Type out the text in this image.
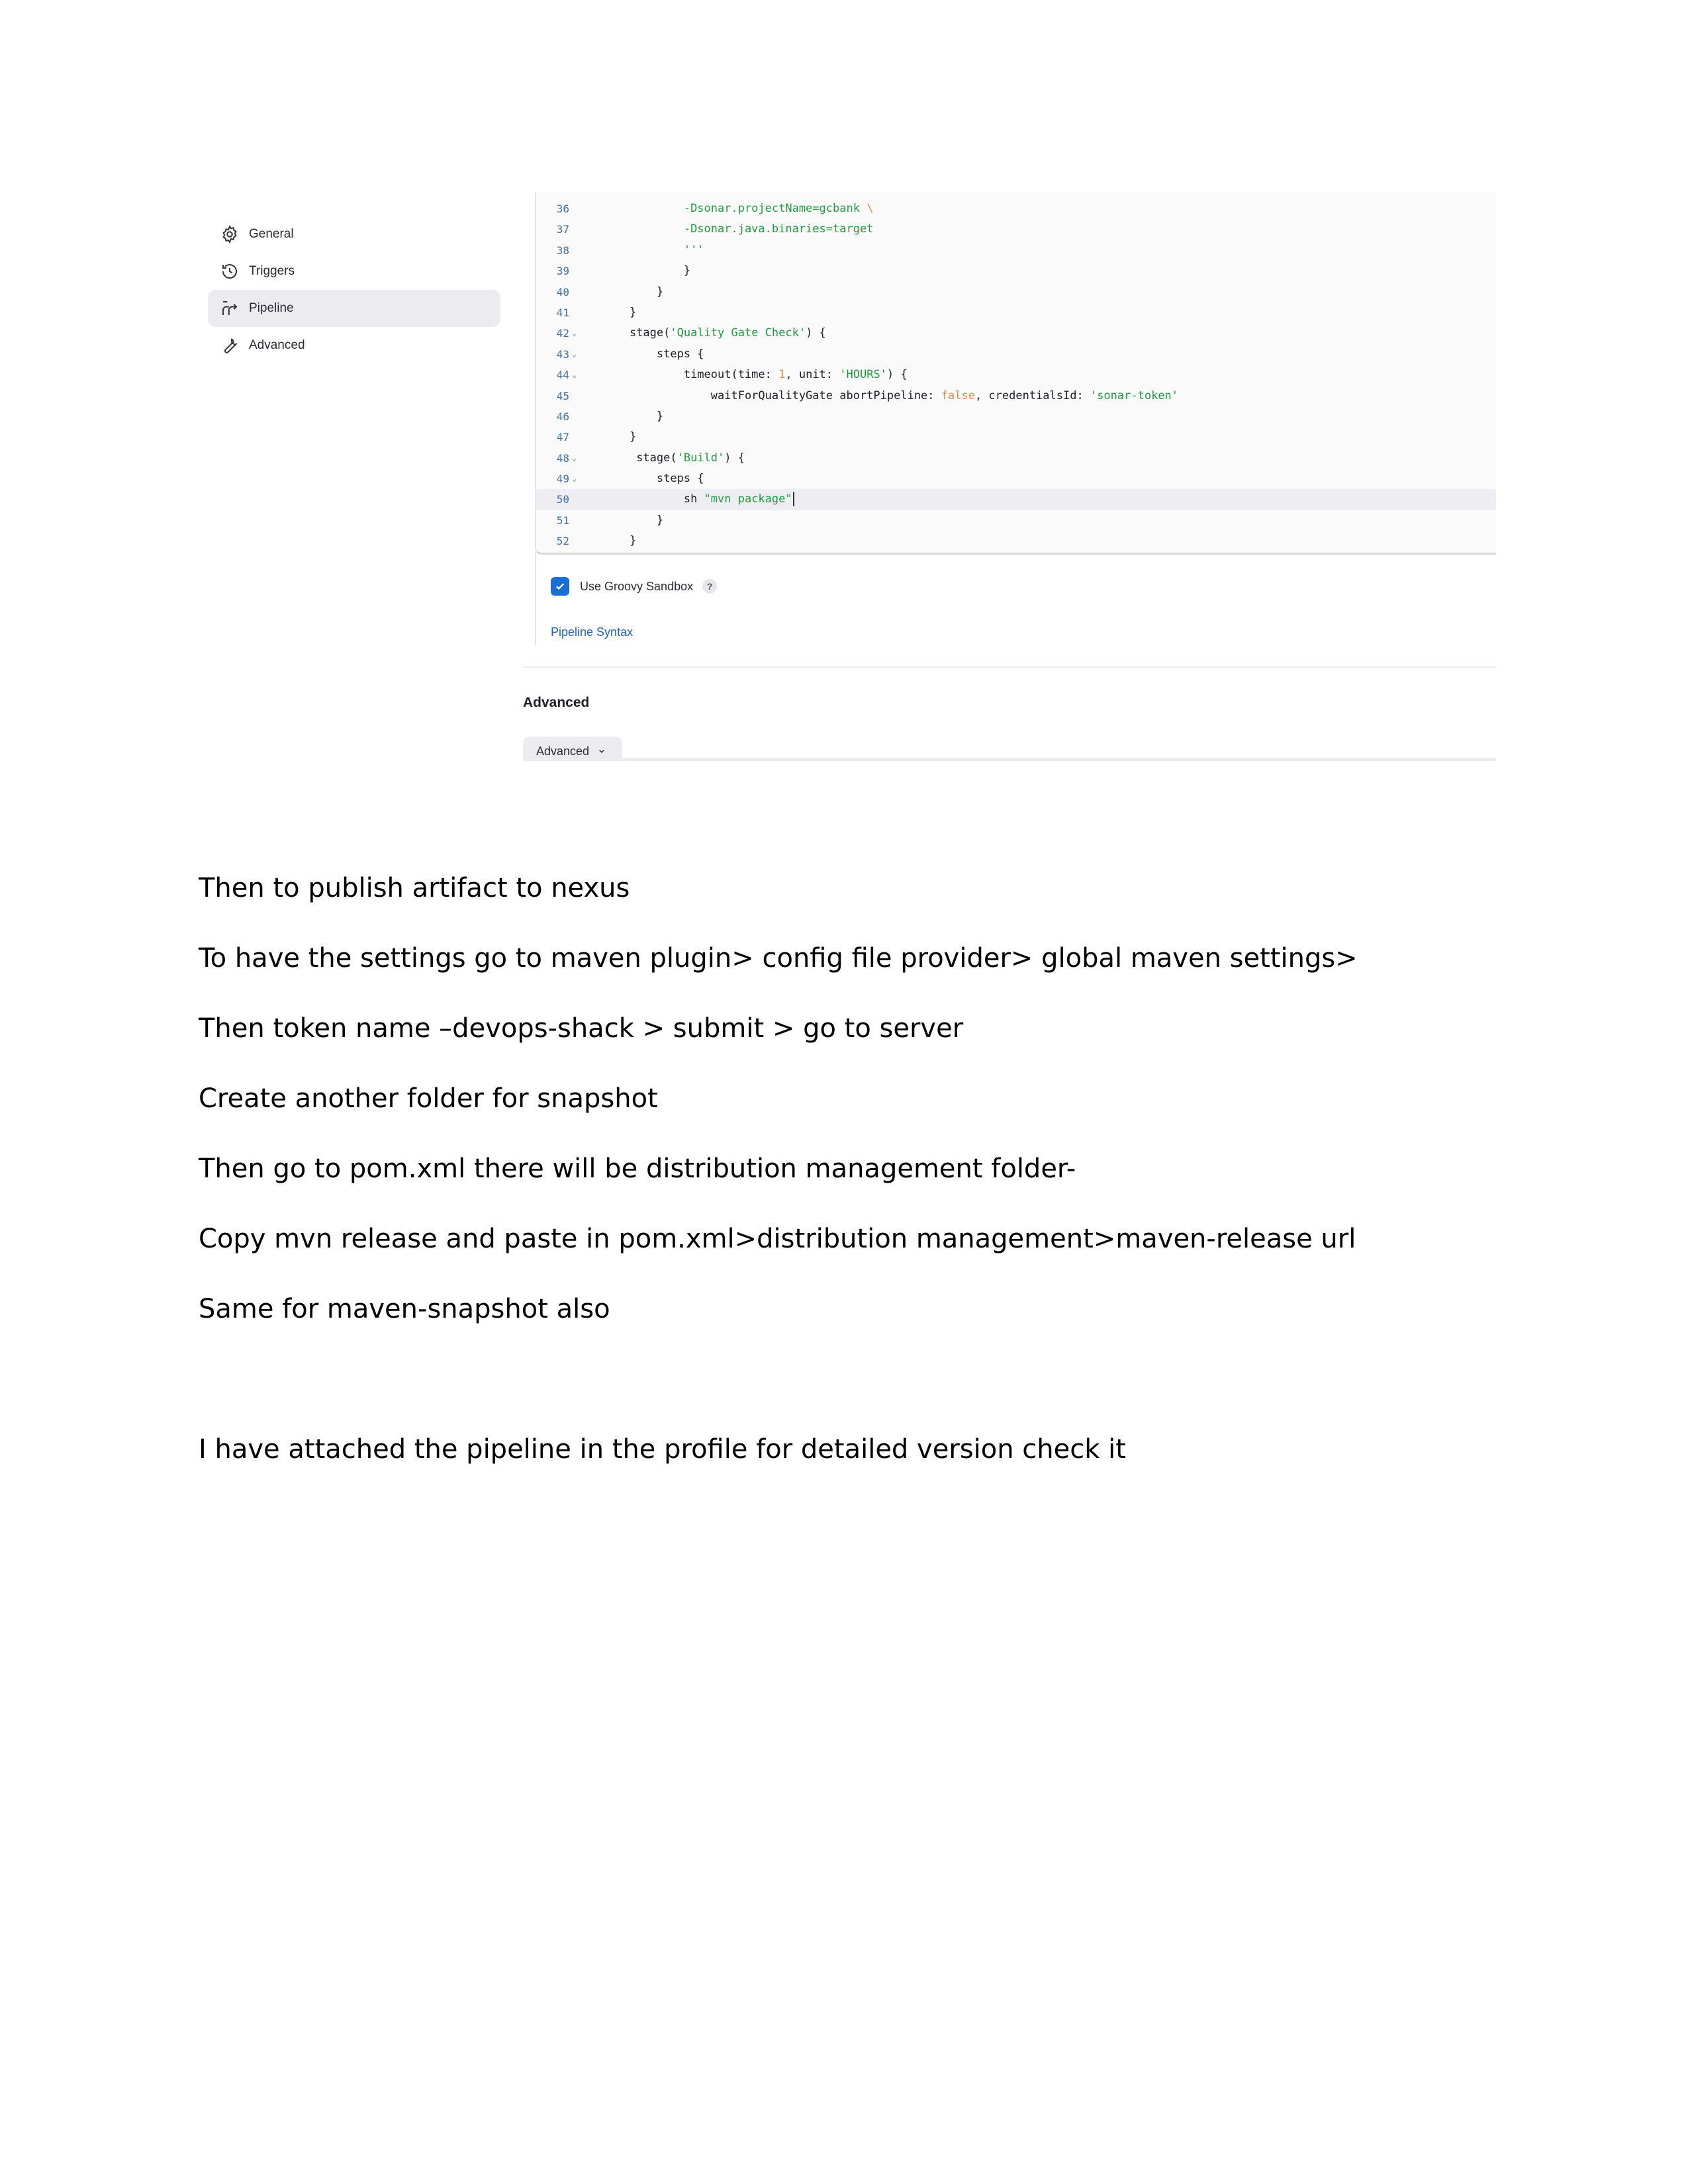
General
Triggers
Pipeline
Advanced
36	-Dsonar.projectName=gcbank \
37	-Dsonar.java.binaries=target
38	'''
39	}
40	}
41	}
42 ⌄	stage('Quality Gate Check') {
43 ⌄	steps {
44 ⌄	timeout(time: 1, unit: 'HOURS') {
45	waitForQualityGate abortPipeline: false, credentialsId: 'sonar-token'
46	}
47	}
48 ⌄	stage('Build') {
49 ⌄	steps {
50	sh "mvn package"
51	}
52	}
Use Groovy Sandbox	?
Pipeline Syntax
Advanced
Advanced
Then to publish artifact to nexus
To have the settings go to maven plugin> config file provider> global maven settings>
Then token name –devops-shack > submit > go to server
Create another folder for snapshot
Then go to pom.xml there will be distribution management folder-
Copy mvn release and paste in pom.xml>distribution management>maven-release url
Same for maven-snapshot also
I have attached the pipeline in the profile for detailed version check it
